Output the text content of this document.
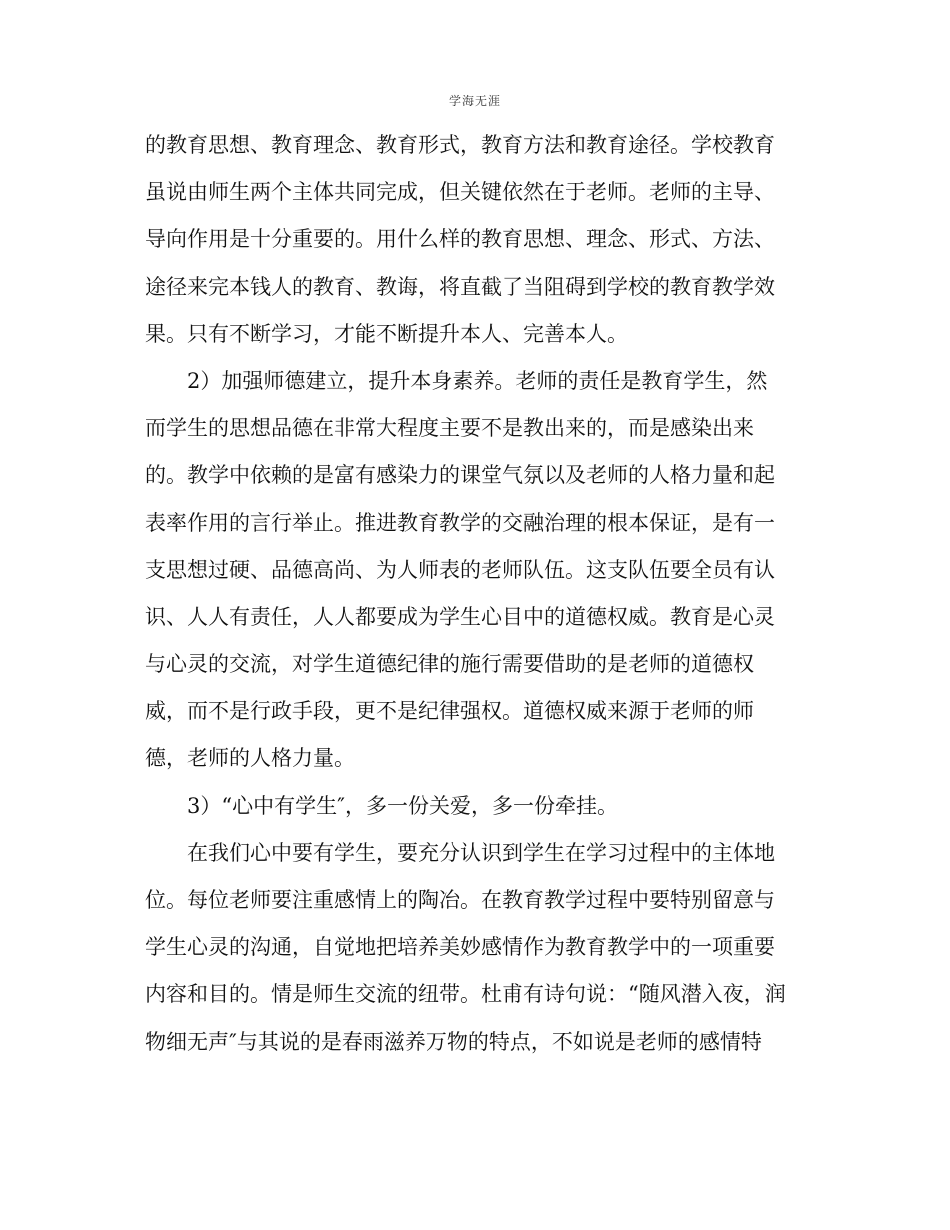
学海无涯
的教育思想、教育理念、教育形式，教育方法和教育途径。学校教育
虽说由师生两个主体共同完成，但关键依然在于老师。老师的主导、
导向作用是十分重要的。用什么样的教育思想、理念、形式、方法、
途径来完本钱人的教育、教诲，将直截了当阻碍到学校的教育教学效
果。只有不断学习，才能不断提升本人、完善本人。
2）加强师德建立，提升本身素养。老师的责任是教育学生，然
而学生的思想品德在非常大程度主要不是教出来的，而是感染出来
的。教学中依赖的是富有感染力的课堂气氛以及老师的人格力量和起
表率作用的言行举止。推进教育教学的交融治理的根本保证，是有一
支思想过硬、品德高尚、为人师表的老师队伍。这支队伍要全员有认
识、人人有责任，人人都要成为学生心目中的道德权威。教育是心灵
与心灵的交流，对学生道德纪律的施行需要借助的是老师的道德权
威，而不是行政手段，更不是纪律强权。道德权威来源于老师的师
德，老师的人格力量。
3）“心中有学生″，多一份关爱，多一份牵挂。
在我们心中要有学生，要充分认识到学生在学习过程中的主体地
位。每位老师要注重感情上的陶冶。在教育教学过程中要特别留意与
学生心灵的沟通，自觉地把培养美妙感情作为教育教学中的一项重要
内容和目的。情是师生交流的纽带。杜甫有诗句说：“随风潜入夜，润
物细无声″与其说的是春雨滋养万物的特点，不如说是老师的感情特
